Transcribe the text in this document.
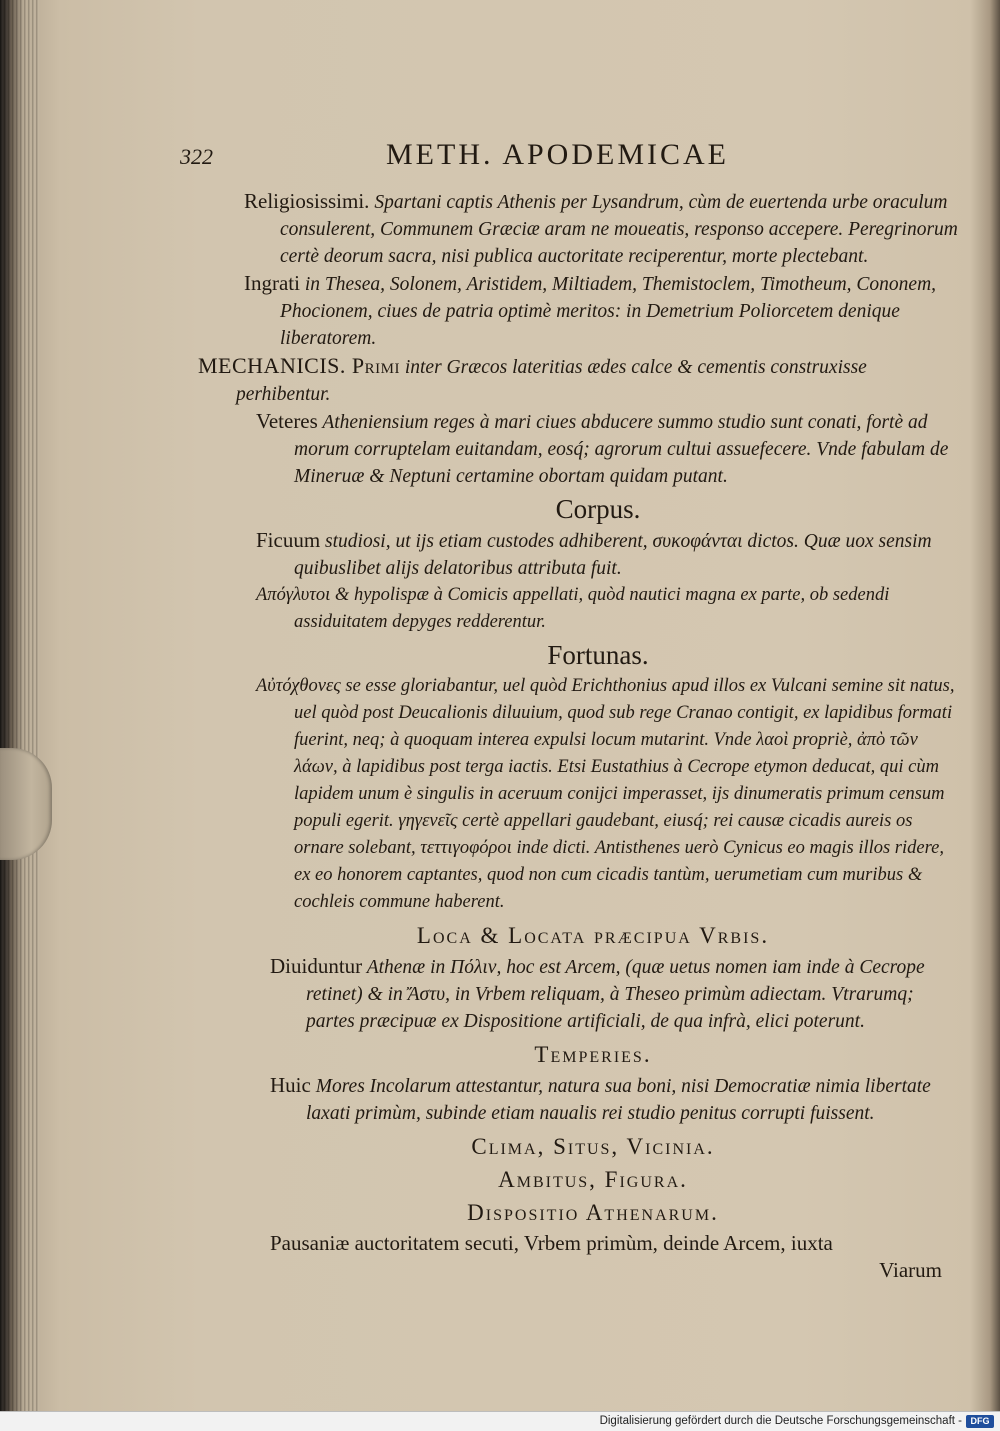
322	METH. APODEMICAE

Religiosissimi. Spartani captis Athenis per Lysandrum, cùm de euertenda urbe oraculum consulerent, Communem Græciæ aram ne moueatis, responso accepere. Peregrinorum certè deorum sacra, nisi publica auctoritate reciperentur, morte plectebant.

Ingrati in Thesea, Solonem, Aristidem, Miltiadem, Themistoclem, Timotheum, Cononem, Phocionem, ciues de patria optimè meritos: in Demetrium Poliorcetem denique liberatorem.

MECHANICIS. Primi inter Græcos lateritias ædes calce & cementis construxisse perhibentur.

Veteres Atheniensium reges à mari ciues abducere summo studio sunt conati, fortè ad morum corruptelam euitandam, eosq́; agrorum cultui assuefecere. Vnde fabulam de Mineruæ & Neptuni certamine obortam quidam putant.

Corpus.

Ficuum studiosi, ut ijs etiam custodes adhiberent, συκοφάνται dictos. Quæ uox sensim quibuslibet alijs delatoribus attributa fuit.

Απόγλυτοι & hypolispæ à Comicis appellati, quòd nautici magna ex parte, ob sedendi assiduitatem depyges redderentur.

Fortunas.

Αὐτόχθονες se esse gloriabantur, uel quòd Erichthonius apud illos ex Vulcani semine sit natus, uel quòd post Deucalionis diluuium, quod sub rege Cranao contigit, ex lapidibus formati fuerint, neq; à quoquam interea expulsi locum mutarint. Vnde λαοὶ propriè, ἀπὸ τῶν λάων, à lapidibus post terga iactis. Etsi Eustathius à Cecrope etymon deducat, qui cùm lapidem unum è singulis in aceruum conijci imperasset, ijs dinumeratis primum censum populi egerit. γηγενεῖς certè appellari gaudebant, eiusq́; rei causæ cicadis aureis os ornare solebant, τεττιγοφόροι inde dicti. Antisthenes uerò Cynicus eo magis illos ridere, ex eo honorem captantes, quod non cum cicadis tantùm, uerumetiam cum muribus & cochleis commune haberent.

Loca & Locata præcipua Vrbis.

Diuiduntur Athenæ in Πόλιν, hoc est Arcem, (quæ uetus nomen iam inde à Cecrope retinet) & in Ἄστυ, in Vrbem reliquam, à Theseo primùm adiectam. Vtrarumq; partes præcipuæ ex Dispositione artificiali, de qua infrà, elici poterunt.

Temperies.

Huic Mores Incolarum attestantur, natura sua boni, nisi Democratiæ nimia libertate laxati primùm, subinde etiam naualis rei studio penitus corrupti fuissent.

Clima, Situs, Vicinia.
Ambitus, Figura.
Dispositio Athenarum.

Pausaniæ auctoritatem secuti, Vrbem primùm, deinde Arcem, iuxta

Viarum
Digitalisierung gefördert durch die Deutsche Forschungsgemeinschaft - DFG
